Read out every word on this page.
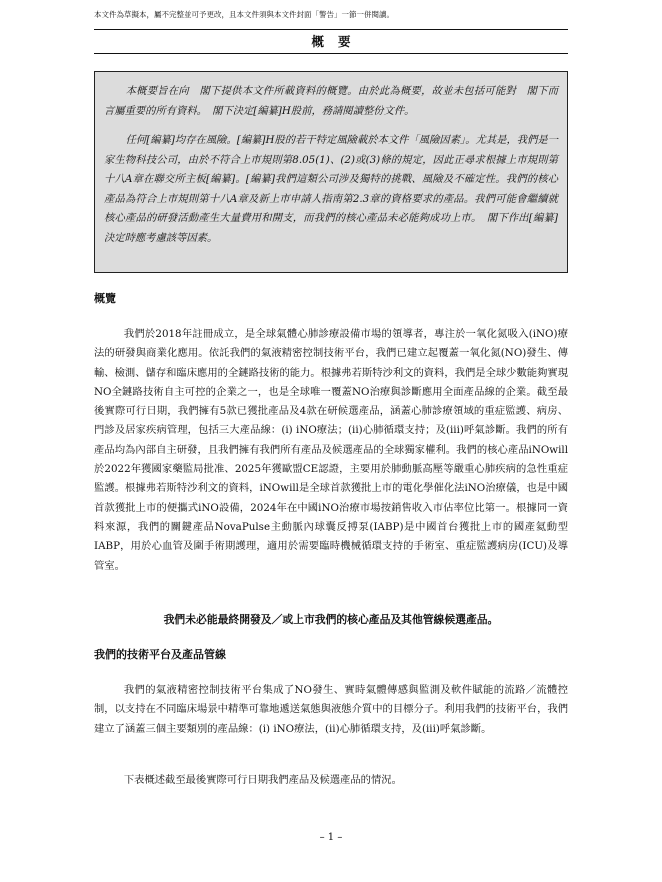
本文件為草擬本，屬不完整並可予更改，且本文件須與本文件封面「警告」一節一併閱讀。
概要

本概要旨在向　閣下提供本文件所載資料的概覽。由於此為概要，故並未包括可能對　閣下而言屬重要的所有資料。　閣下決定[編纂]H股前，務請閱讀整份文件。

任何[編纂]均存在風險。[編纂]H股的若干特定風險載於本文件「風險因素」。尤其是，我們是一家生物科技公司，由於不符合上市規則第8.05(1)、(2)或(3)條的規定，因此正尋求根據上市規則第十八A章在聯交所主板[編纂]。[編纂]我們這類公司涉及獨特的挑戰、風險及不確定性。我們的核心產品為符合上市規則第十八A章及新上市申請人指南第2.3章的資格要求的產品。我們可能會繼續就核心產品的研發活動產生大量費用和開支，而我們的核心產品未必能夠成功上市。　閣下作出[編纂]決定時應考慮該等因素。

概覽

我們於2018年註冊成立，是全球氣體心肺診療設備市場的領導者，專注於一氧化氮吸入(iNO)療法的研發與商業化應用。依託我們的氣液精密控制技術平台，我們已建立起覆蓋一氧化氮(NO)發生、傳輸、檢測、儲存和臨床應用的全鏈路技術的能力。根據弗若斯特沙利文的資料，我們是全球少數能夠實現NO全鏈路技術自主可控的企業之一，也是全球唯一覆蓋NO治療與診斷應用全面產品線的企業。截至最後實際可行日期，我們擁有5款已獲批產品及4款在研候選產品，涵蓋心肺診療領域的重症監護、病房、門診及居家疾病管理，包括三大產品線：(i) iNO療法；(ii)心肺循環支持；及(iii)呼氣診斷。我們的所有產品均為內部自主研發，且我們擁有我們所有產品及候選產品的全球獨家權利。我們的核心產品iNOwill於2022年獲國家藥監局批准、2025年獲歐盟CE認證，主要用於肺動脈高壓等嚴重心肺疾病的急性重症監護。根據弗若斯特沙利文的資料，iNOwill是全球首款獲批上市的電化學催化法iNO治療儀，也是中國首款獲批上市的便攜式iNO設備，2024年在中國iNO治療市場按銷售收入市佔率位比第一。根據同一資料來源，我們的關鍵產品NovaPulse主動脈內球囊反搏泵(IABP)是中國首台獲批上市的國產氦動型IABP，用於心血管及圍手術期護理，適用於需要臨時機械循環支持的手術室、重症監護病房(ICU)及導管室。

我們未必能最終開發及／或上市我們的核心產品及其他管線候選產品。
我們的技術平台及產品管線

我們的氣液精密控制技術平台集成了NO發生、實時氣體傳感與監測及軟件賦能的流路／流體控制，以支持在不同臨床場景中精準可靠地遞送氣態與液態介質中的目標分子。利用我們的技術平台，我們建立了涵蓋三個主要類別的產品線：(i) iNO療法，(ii)心肺循環支持，及(iii)呼氣診斷。

下表概述截至最後實際可行日期我們產品及候選產品的情況。

– 1 –
